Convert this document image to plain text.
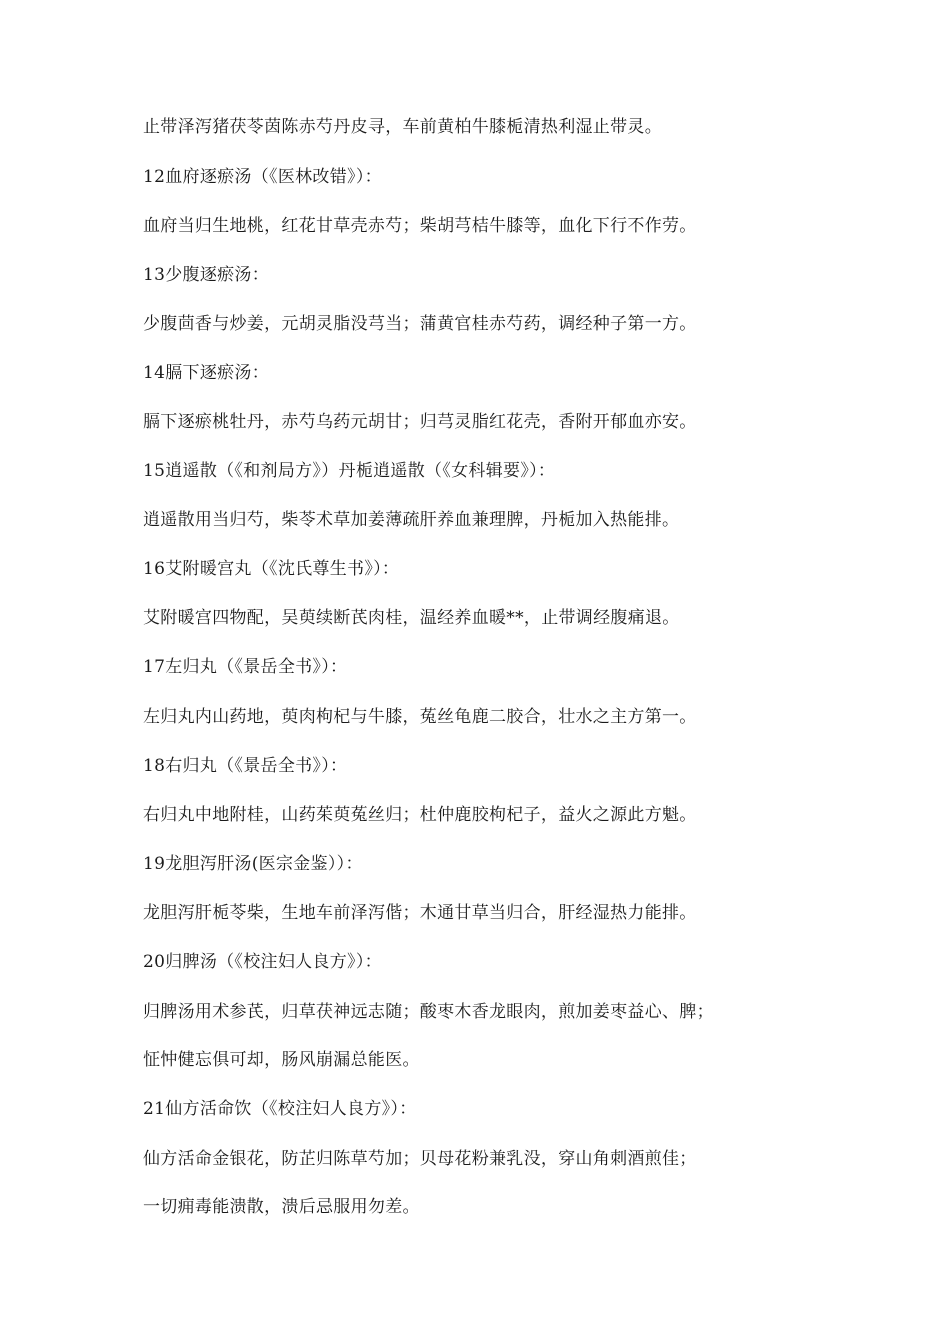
止带泽泻猪茯苓茵陈赤芍丹皮寻，车前黄柏牛膝栀清热利湿止带灵。
12血府逐瘀汤（《医林改错》）：
血府当归生地桃，红花甘草壳赤芍；柴胡芎桔牛膝等，血化下行不作劳。
13少腹逐瘀汤：
少腹茴香与炒姜，元胡灵脂没芎当；蒲黄官桂赤芍药，调经种子第一方。
14膈下逐瘀汤：
膈下逐瘀桃牡丹，赤芍乌药元胡甘；归芎灵脂红花壳，香附开郁血亦安。
15逍遥散（《和剂局方》）丹栀逍遥散（《女科辑要》）：
逍遥散用当归芍，柴苓术草加姜薄疏肝养血兼理脾，丹栀加入热能排。
16艾附暖宫丸（《沈氏尊生书》）：
艾附暖宫四物配，吴萸续断芪肉桂，温经养血暖**，止带调经腹痛退。
17左归丸（《景岳全书》）：
左归丸内山药地，萸肉枸杞与牛膝，菟丝龟鹿二胶合，壮水之主方第一。
18右归丸（《景岳全书》）：
右归丸中地附桂，山药茱萸菟丝归；杜仲鹿胶枸杞子，益火之源此方魁。
19龙胆泻肝汤(医宗金鉴））：
龙胆泻肝栀苓柴，生地车前泽泻偕；木通甘草当归合，肝经湿热力能排。
20归脾汤（《校注妇人良方》）：
归脾汤用术参芪，归草茯神远志随；酸枣木香龙眼肉，煎加姜枣益心、脾；
怔忡健忘俱可却，肠风崩漏总能医。
21仙方活命饮（《校注妇人良方》）：
仙方活命金银花，防芷归陈草芍加；贝母花粉兼乳没，穿山角刺酒煎佳；
一切痈毒能溃散，溃后忌服用勿差。
